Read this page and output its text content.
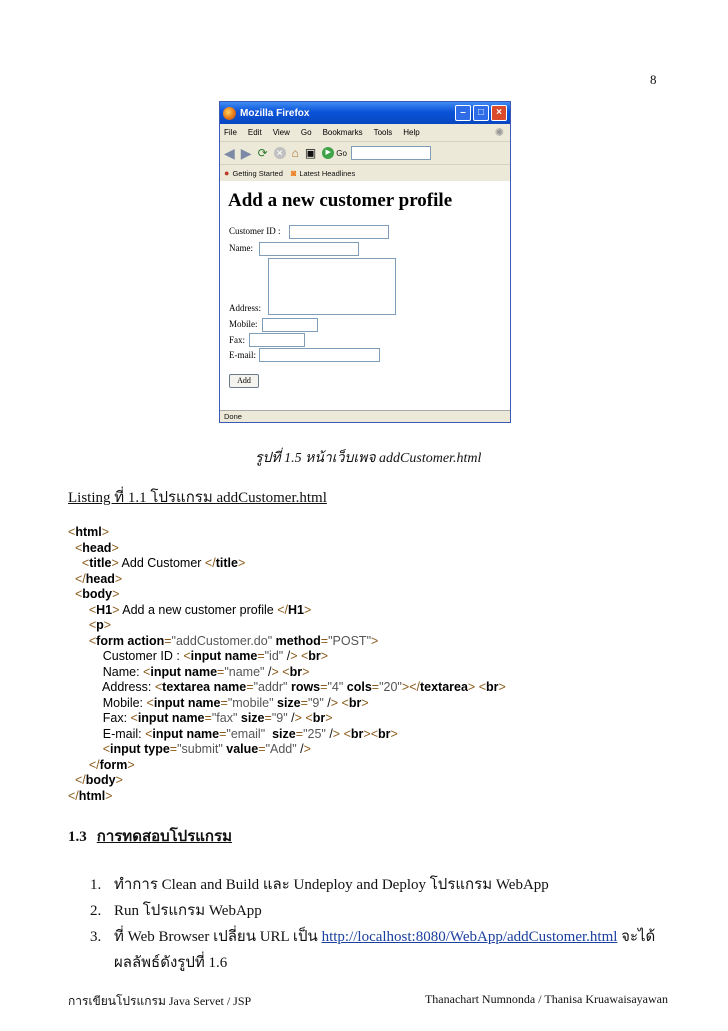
8
Mozilla Firefox	–	□	×
File Edit View Go Bookmarks Tools Help	✺
◀ ▶ ⟳ ✕ ⌂ ▣	▶ Go
● Getting Started ◙ Latest Headlines
Add a new customer profile
Customer ID :
Name:
Address:
Mobile:
Fax:
E-mail:
Add
Done
รูปที่ 1.5 หน้าเว็บเพจ addCustomer.html
Listing ที่ 1.1 โปรแกรม addCustomer.html
<html>
<head>
<title> Add Customer </title>
</head>
<body>
<H1> Add a new customer profile </H1>
<p>
<form action="addCustomer.do" method="POST">
Customer ID : <input name="id" /> <br>
Name: <input name="name" /> <br>
Address: <textarea name="addr" rows="4" cols="20"></textarea> <br>
Mobile: <input name="mobile" size="9" /> <br>
Fax: <input name="fax" size="9" /> <br>
E-mail: <input name="email" size="25" /> <br><br>
<input type="submit" value="Add" />
</form>
</body>
</html>
1.3 การทดสอบโปรแกรม
1. ทำการ Clean and Build และ Undeploy and Deploy โปรแกรม WebApp
2. Run โปรแกรม WebApp
3. ที่ Web Browser เปลี่ยน URL เป็น http://localhost:8080/WebApp/addCustomer.html จะได้
ผลลัพธ์ดังรูปที่ 1.6
การเขียนโปรแกรม Java Servet / JSP	Thanachart Numnonda / Thanisa Kruawaisayawan
